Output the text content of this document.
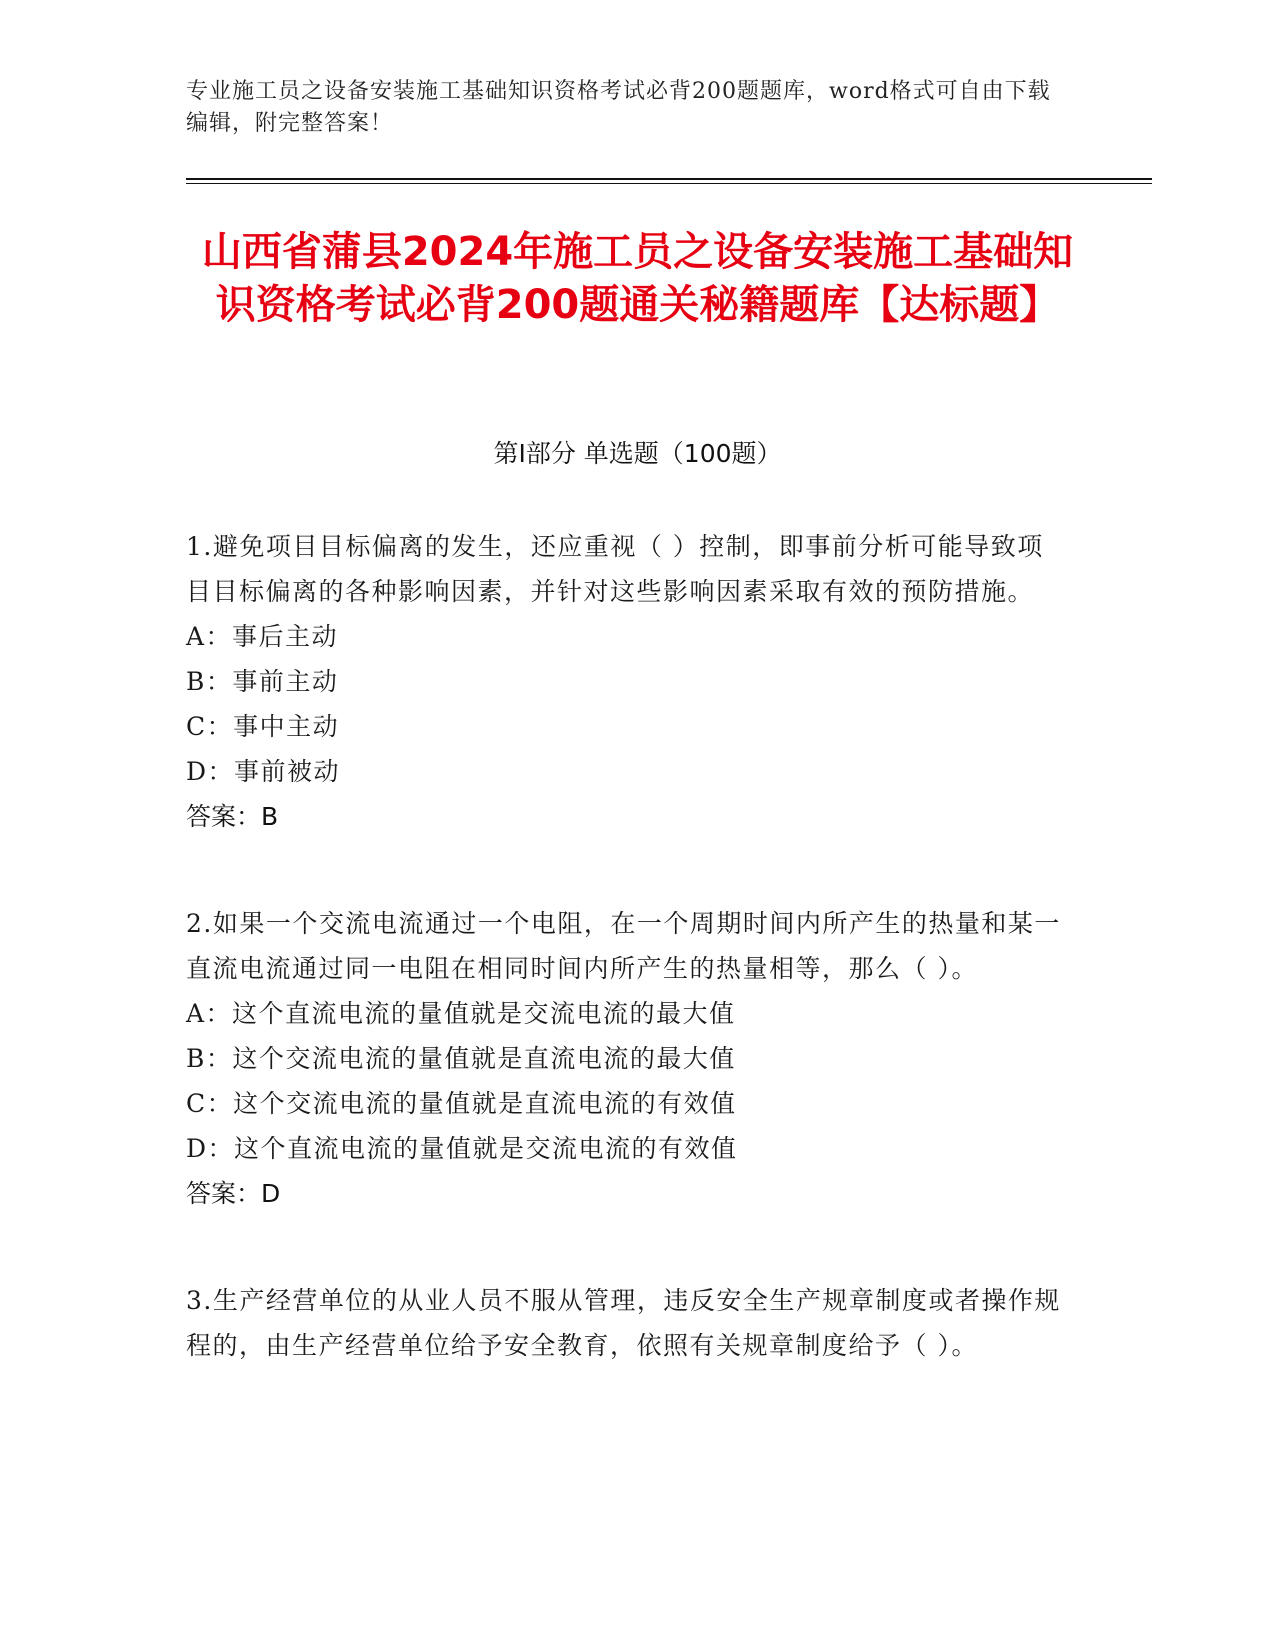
专业施工员之设备安装施工基础知识资格考试必背200题题库，word格式可自由下载编辑，附完整答案！
山西省蒲县2024年施工员之设备安装施工基础知识资格考试必背200题通关秘籍题库【达标题】
第I部分 单选题（100题）
1.避免项目目标偏离的发生，还应重视（ ）控制，即事前分析可能导致项目目标偏离的各种影响因素，并针对这些影响因素采取有效的预防措施。
A：事后主动
B：事前主动
C：事中主动
D：事前被动
答案：B
2.如果一个交流电流通过一个电阻，在一个周期时间内所产生的热量和某一直流电流通过同一电阻在相同时间内所产生的热量相等，那么（ ）。
A：这个直流电流的量值就是交流电流的最大值
B：这个交流电流的量值就是直流电流的最大值
C：这个交流电流的量值就是直流电流的有效值
D：这个直流电流的量值就是交流电流的有效值
答案：D
3.生产经营单位的从业人员不服从管理，违反安全生产规章制度或者操作规程的，由生产经营单位给予安全教育，依照有关规章制度给予（ ）。
